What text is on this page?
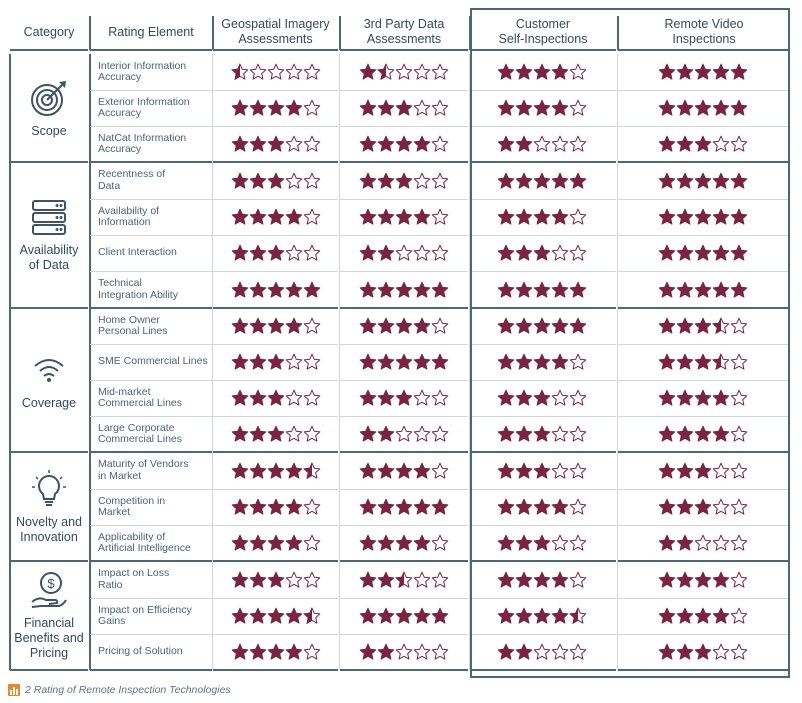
Category	Rating Element
Geospatial Imagery
Assessments
3rd Party Data
Assessments
Customer
Self-Inspections
Remote Video
Inspections
Scope
Interior Information
Accuracy
Exterior Information
Accuracy
NatCat Information
Accuracy
Availability
of Data
Recentness of
Data
Availability of
Information
Client Interaction
Technical
Integration Ability
Coverage
Home Owner
Personal Lines
SME Commercial Lines
Mid-market
Commercial Lines
Large Corporate
Commercial Lines
Novelty and
Innovation
Maturity of Vendors
in Market
Competition in
Market
Applicability of
Artificial Intelligence
$
Financial
Benefits and
Pricing
Impact on Loss
Ratio
Impact on Efficiency
Gains
Pricing of Solution
2 Rating of Remote Inspection Technologies
